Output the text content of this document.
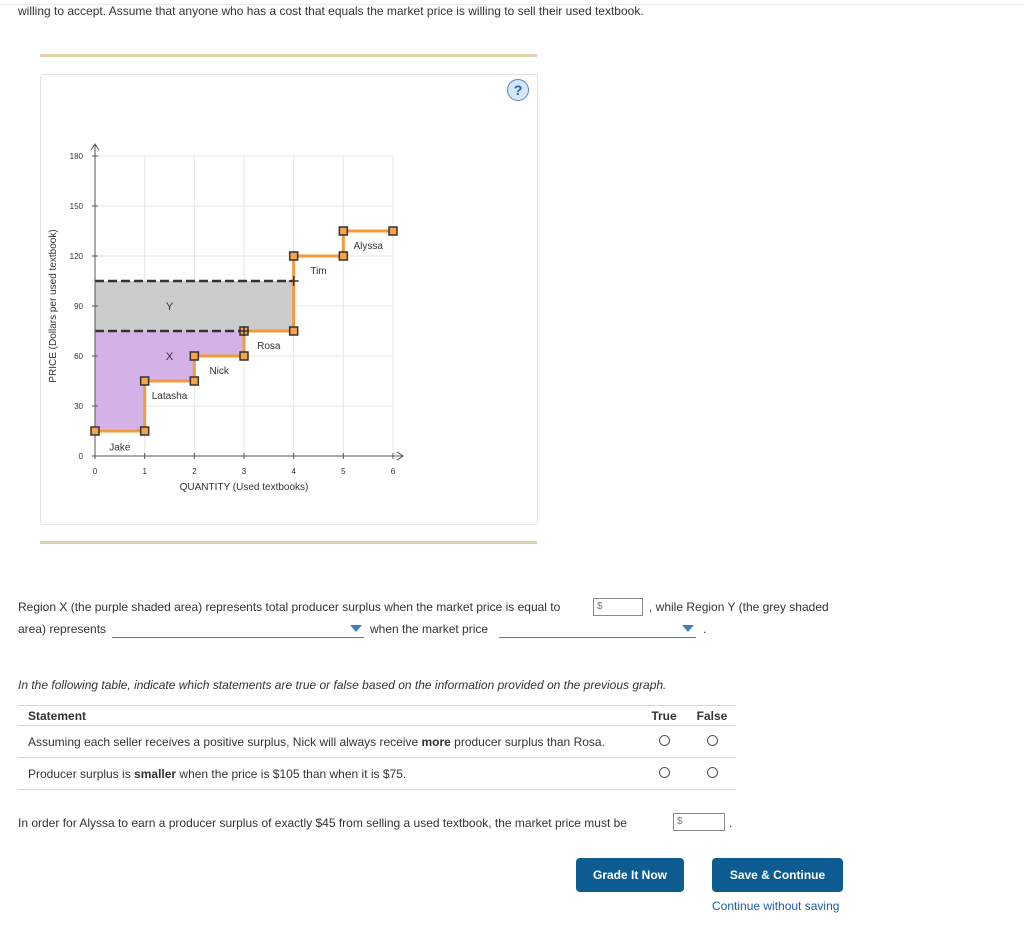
willing to accept. Assume that anyone who has a cost that equals the market price is willing to sell their used textbook.
?
0	1	2	3	4	5	6
0
30
60
90
120
150
180
QUANTITY (Used textbooks)
PRICE (Dollars per used textbook)
Jake
Latasha
Nick
Rosa
Tim
Alyssa
X
Y
Region X (the purple shaded area) represents total producer surplus when the market price is equal to	$	, while Region Y (the grey shaded
area) represents	when the market price	.
In the following table, indicate which statements are true or false based on the information provided on the previous graph.
Statement	True	False
Assuming each seller receives a positive surplus, Nick will always receive more producer surplus than Rosa.		
Producer surplus is smaller when the price is $105 than when it is $75.		
In order for Alyssa to earn a producer surplus of exactly $45 from selling a used textbook, the market price must be	$	.
Grade It Now	Save & Continue
Continue without saving
